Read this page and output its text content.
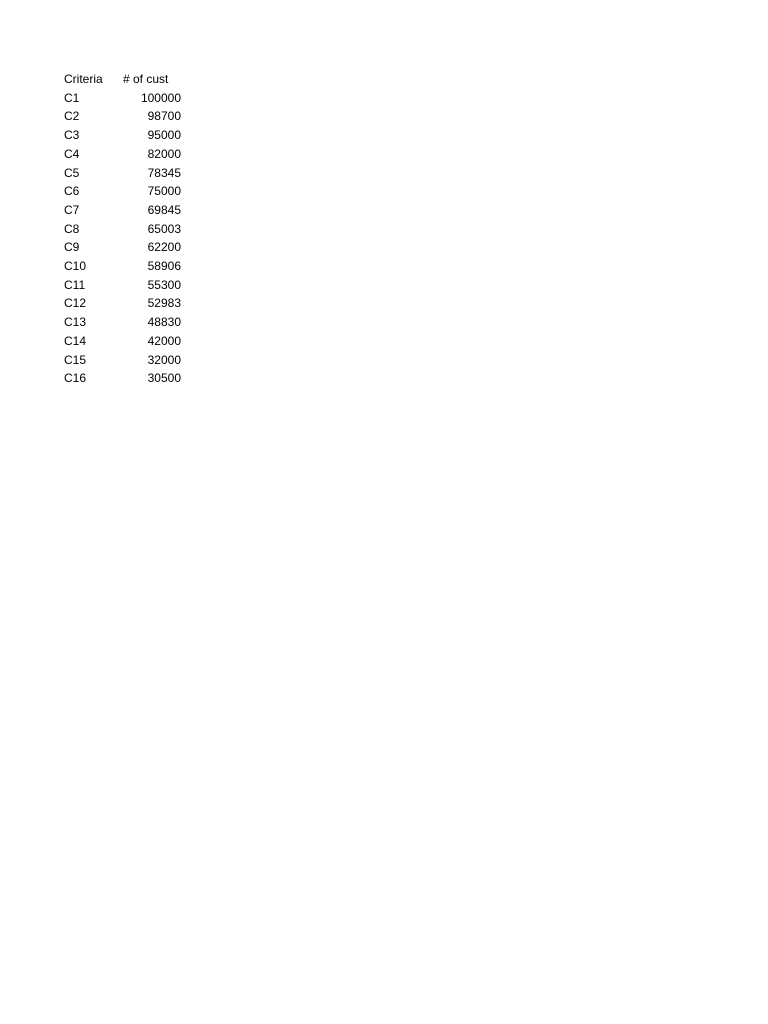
Criteria	# of cust
C1	100000
C2	98700
C3	95000
C4	82000
C5	78345
C6	75000
C7	69845
C8	65003
C9	62200
C10	58906
C11	55300
C12	52983
C13	48830
C14	42000
C15	32000
C16	30500
